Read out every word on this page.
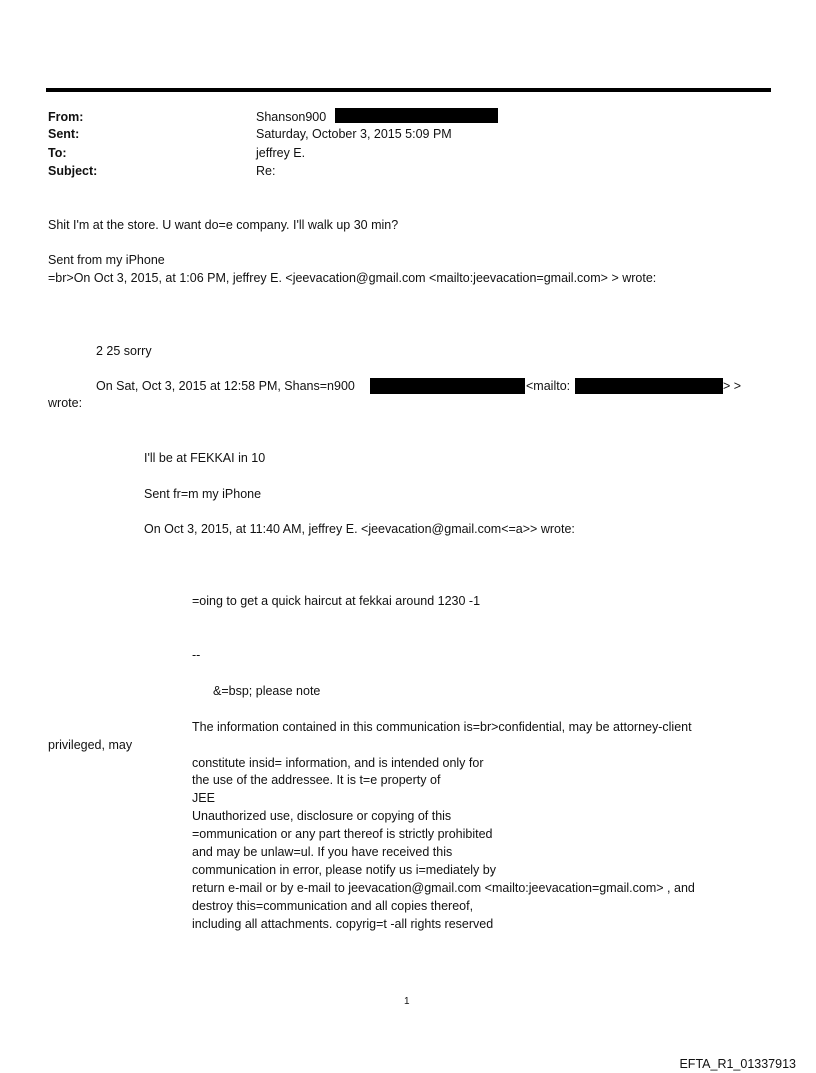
From:
Sent:
To:
Subject:
Shanson900
Saturday, October 3, 2015 5:09 PM
jeffrey E.
Re:
Shit I'm at the store. U want do=e company. I'll walk up 30 min?
Sent from my iPhone
=br>On Oct 3, 2015, at 1:06 PM, jeffrey E. <jeevacation@gmail.com <mailto:jeevacation=gmail.com> > wrote:
2 25 sorry
On Sat, Oct 3, 2015 at 12:58 PM, Shans=n900	<mailto:	> >
wrote:
I'll be at FEKKAI in 10
Sent fr=m my iPhone
On Oct 3, 2015, at 11:40 AM, jeffrey E. <jeevacation@gmail.com<=a>> wrote:
=oing to get a quick haircut at fekkai around 1230 -1
--
&=bsp; please note
The information contained in this communication is=br>confidential, may be attorney-client
privileged, may
constitute insid= information, and is intended only for
the use of the addressee. It is t=e property of
JEE
Unauthorized use, disclosure or copying of this
=ommunication or any part thereof is strictly prohibited
and may be unlaw=ul. If you have received this
communication in error, please notify us i=mediately by
return e-mail or by e-mail to jeevacation@gmail.com <mailto:jeevacation=gmail.com> , and
destroy this=communication and all copies thereof,
including all attachments. copyrig=t -all rights reserved
1
EFTA_R1_01337913
